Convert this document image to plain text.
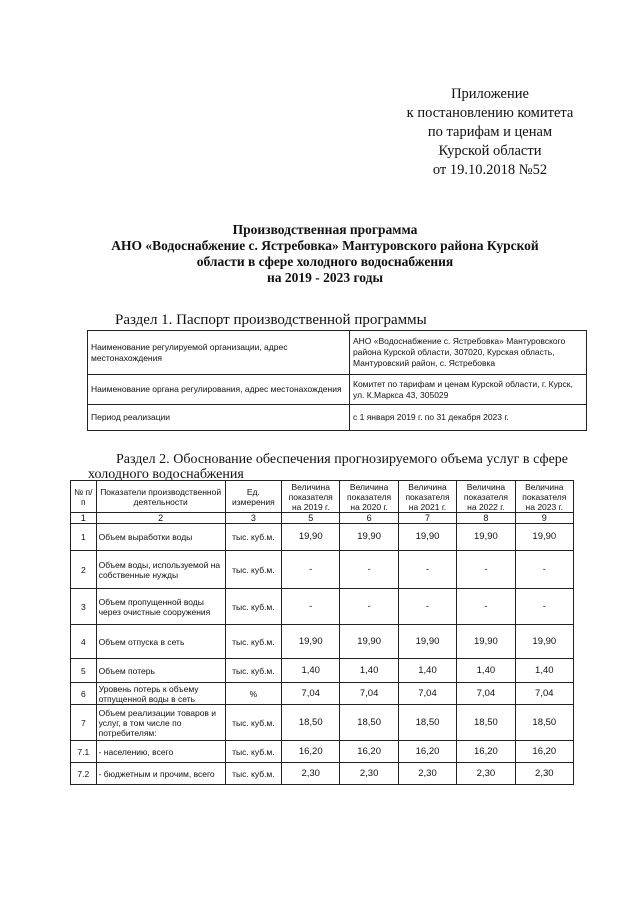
Приложение
к постановлению комитета
по тарифам и ценам
Курской области
от 19.10.2018 №52
Производственная программа
АНО «Водоснабжение с. Ястребовка» Мантуровского района Курской
области в сфере холодного водоснабжения
на 2019 - 2023 годы
Раздел 1. Паспорт производственной программы
Наименование регулируемой организации, адрес местонахождения	АНО «Водоснабжение с. Ястребовка» Мантуровского района Курской области, 307020, Курская область, Мантуровский район, с. Ястребовка
Наименование органа регулирования, адрес местонахождения	Комитет по тарифам и ценам Курской области, г. Курск, ул. К.Маркса 43, 305029
Период реализации	с 1 января 2019 г. по 31 декабря 2023 г.
Раздел 2. Обоснование обеспечения прогнозируемого объема услуг в сфере холодного водоснабжения
№ п/п	Показатели производственной деятельности	Ед. измерения	Величина показателя на 2019 г.	Величина показателя на 2020 г.	Величина показателя на 2021 г.	Величина показателя на 2022 г.	Величина показателя на 2023 г.
1	2	3	5	6	7	8	9
1	Объем выработки воды	тыс. куб.м.	19,90	19,90	19,90	19,90	19,90
2	Объем воды, используемой на собственные нужды	тыс. куб.м.	-	-	-	-	-
3	Объем пропущенной воды через очистные сооружения	тыс. куб.м.	-	-	-	-	-
4	Объем отпуска в сеть	тыс. куб.м.	19,90	19,90	19,90	19,90	19,90
5	Объем потерь	тыс. куб.м.	1,40	1,40	1,40	1,40	1,40
6	Уровень потерь к объему отпущенной воды в сеть	%	7,04	7,04	7,04	7,04	7,04
7	Объем реализации товаров и услуг, в том числе по потребителям:	тыс. куб.м.	18,50	18,50	18,50	18,50	18,50
7.1	- населению, всего	тыс. куб.м.	16,20	16,20	16,20	16,20	16,20
7.2	- бюджетным и прочим, всего	тыс. куб.м.	2,30	2,30	2,30	2,30	2,30
